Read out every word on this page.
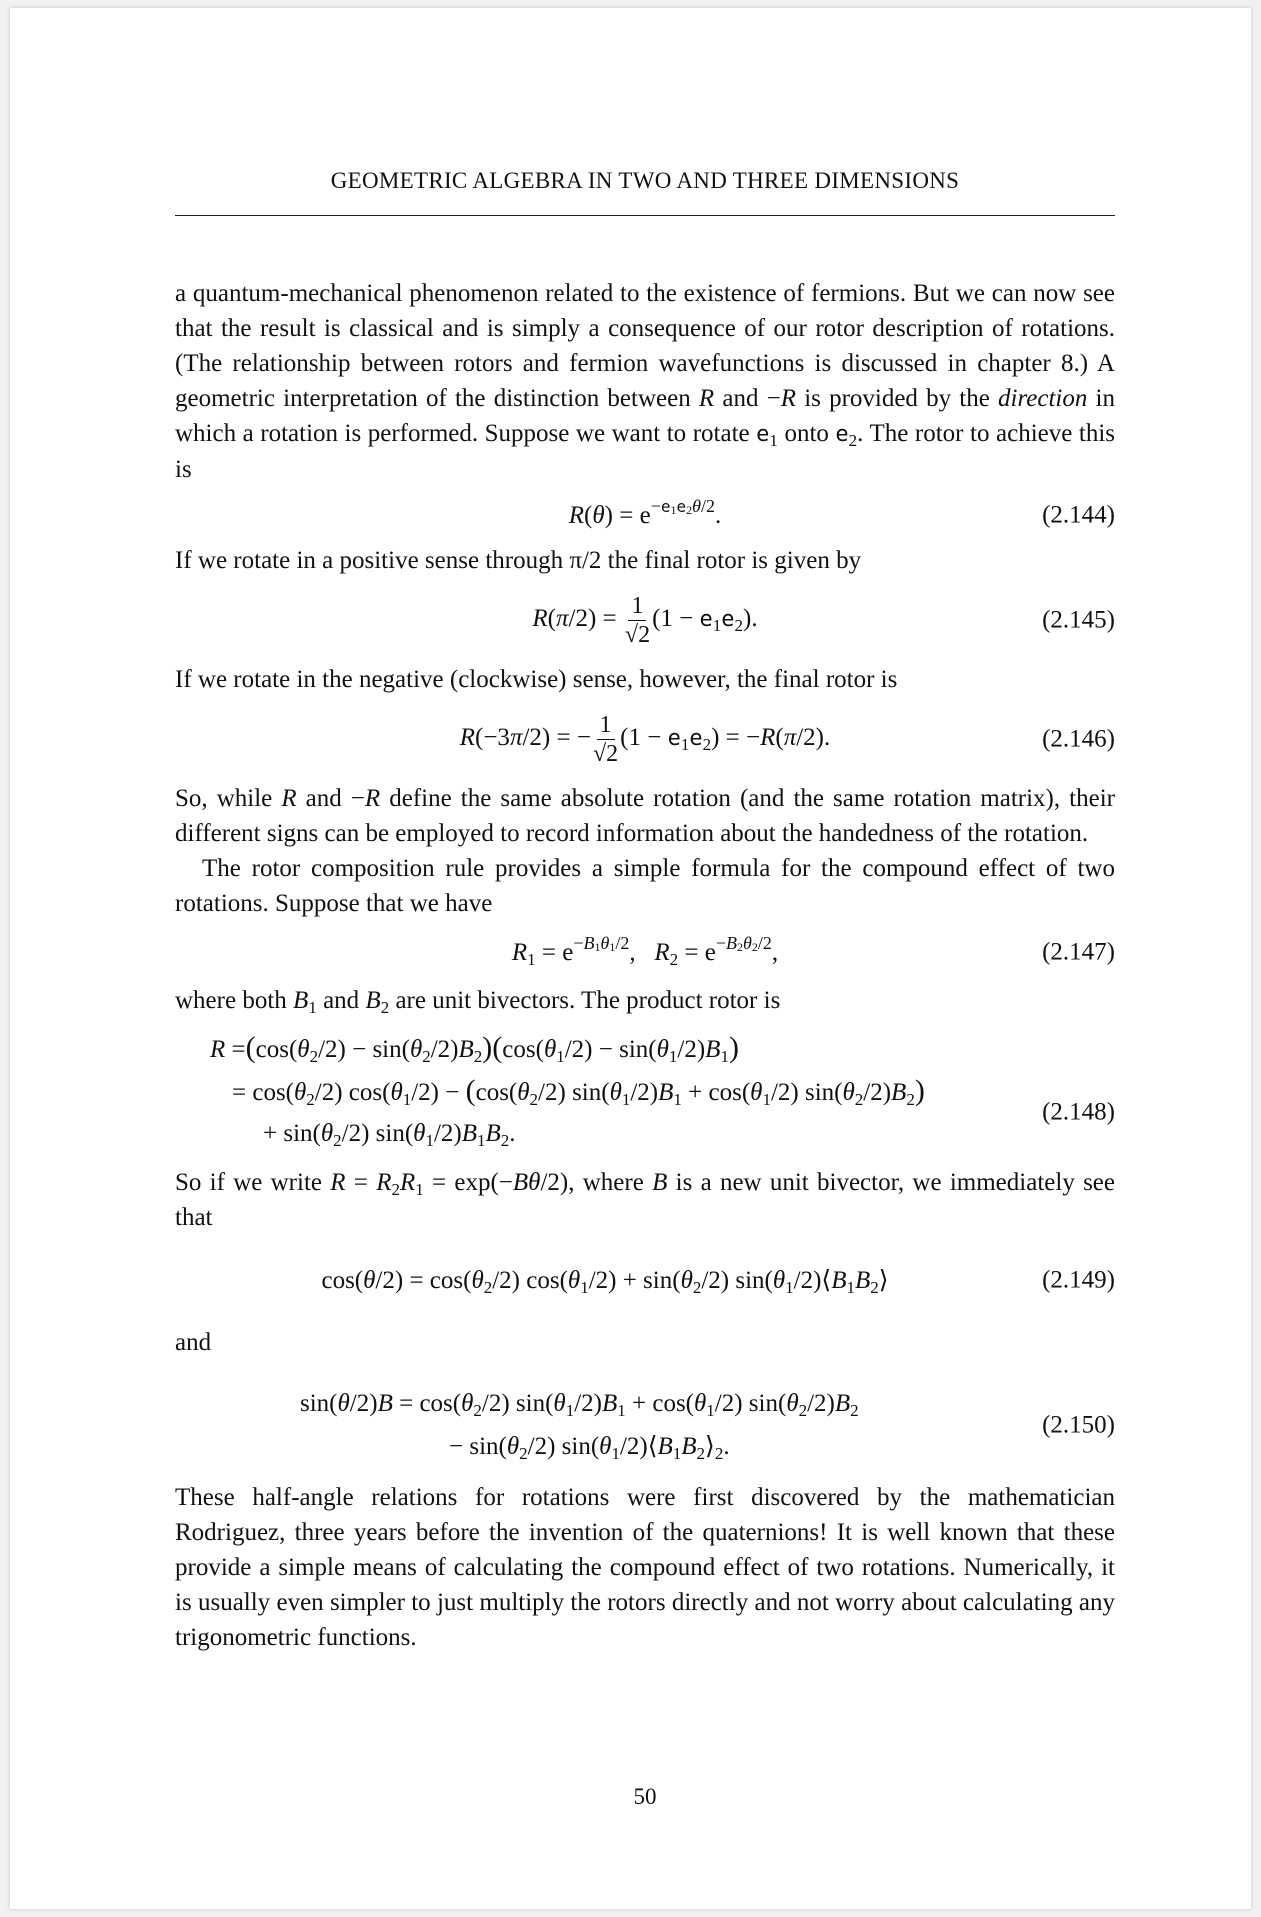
GEOMETRIC ALGEBRA IN TWO AND THREE DIMENSIONS

a quantum-mechanical phenomenon related to the existence of fermions. But we can now see that the result is classical and is simply a consequence of our rotor description of rotations. (The relationship between rotors and fermion wavefunctions is discussed in chapter 8.) A geometric interpretation of the distinction between R and −R is provided by the direction in which a rotation is performed. Suppose we want to rotate $e_1$ onto $e_2$. The rotor to achieve this is

$R(\theta) = e^{-e_1e_2\theta/2}$.	(2.144)

If we rotate in a positive sense through π/2 the final rotor is given by

$R(\pi/2) = \frac{1}{√2} (1 - e_1e_2)$.	(2.145)

If we rotate in the negative (clockwise) sense, however, the final rotor is

R(−3π/2) = − $\frac{1}{√2} (1 - e_1e_2) = -R(\pi/2)$.	(2.146)

So, while R and −R define the same absolute rotation (and the same rotation matrix), their different signs can be employed to record information about the handedness of the rotation.

The rotor composition rule provides a simple formula for the compound effect of two rotations. Suppose that we have

$R_1 = e^{-B_1\theta_1/2}$,   $R_2 = e^{-B_2\theta_2/2}$,	(2.147)

where both $B_1$ and $B_2$ are unit bivectors. The product rotor is

$R =(\cos(\theta_2/2) - \sin(\theta_2/2)B_2)(\cos(\theta_1/2) - \sin(\theta_1/2)B_1)$
= $\cos(\theta_2/2) \cos(\theta_1/2) - (\cos(\theta_2/2) \sin(\theta_1/2)B_1 + \cos(\theta_1/2)$ $\sin(\theta_2/2)B_2$)
+ $\sin(\theta_2/2)$ $\sin(\theta_1/2)B_1B_2$.
(2.148)

So if we write $R = R_2R_1 = \exp(-B\theta/2)$, where B is a new unit bivector, we immediately see that

$\cos(\theta/2) = \cos(\theta_2/2) \cos(\theta_1/2) + \sin(\theta_2/2)$ $\sin(\theta_1/2)⟨B_1B_2⟩$	(2.149)

and

$\sin(\theta/2)B = \cos(\theta_2/2) \sin(\theta_1/2)B_1 + \cos(\theta_1/2)$ $\sin(\theta_2/2)B_2$
− $\sin(\theta_2/2)$ $\sin(\theta_1/2)⟨B_1B_2⟩_2$.
(2.150)

These half-angle relations for rotations were first discovered by the mathematician Rodriguez, three years before the invention of the quaternions! It is well known that these provide a simple means of calculating the compound effect of two rotations. Numerically, it is usually even simpler to just multiply the rotors directly and not worry about calculating any trigonometric functions.

50
